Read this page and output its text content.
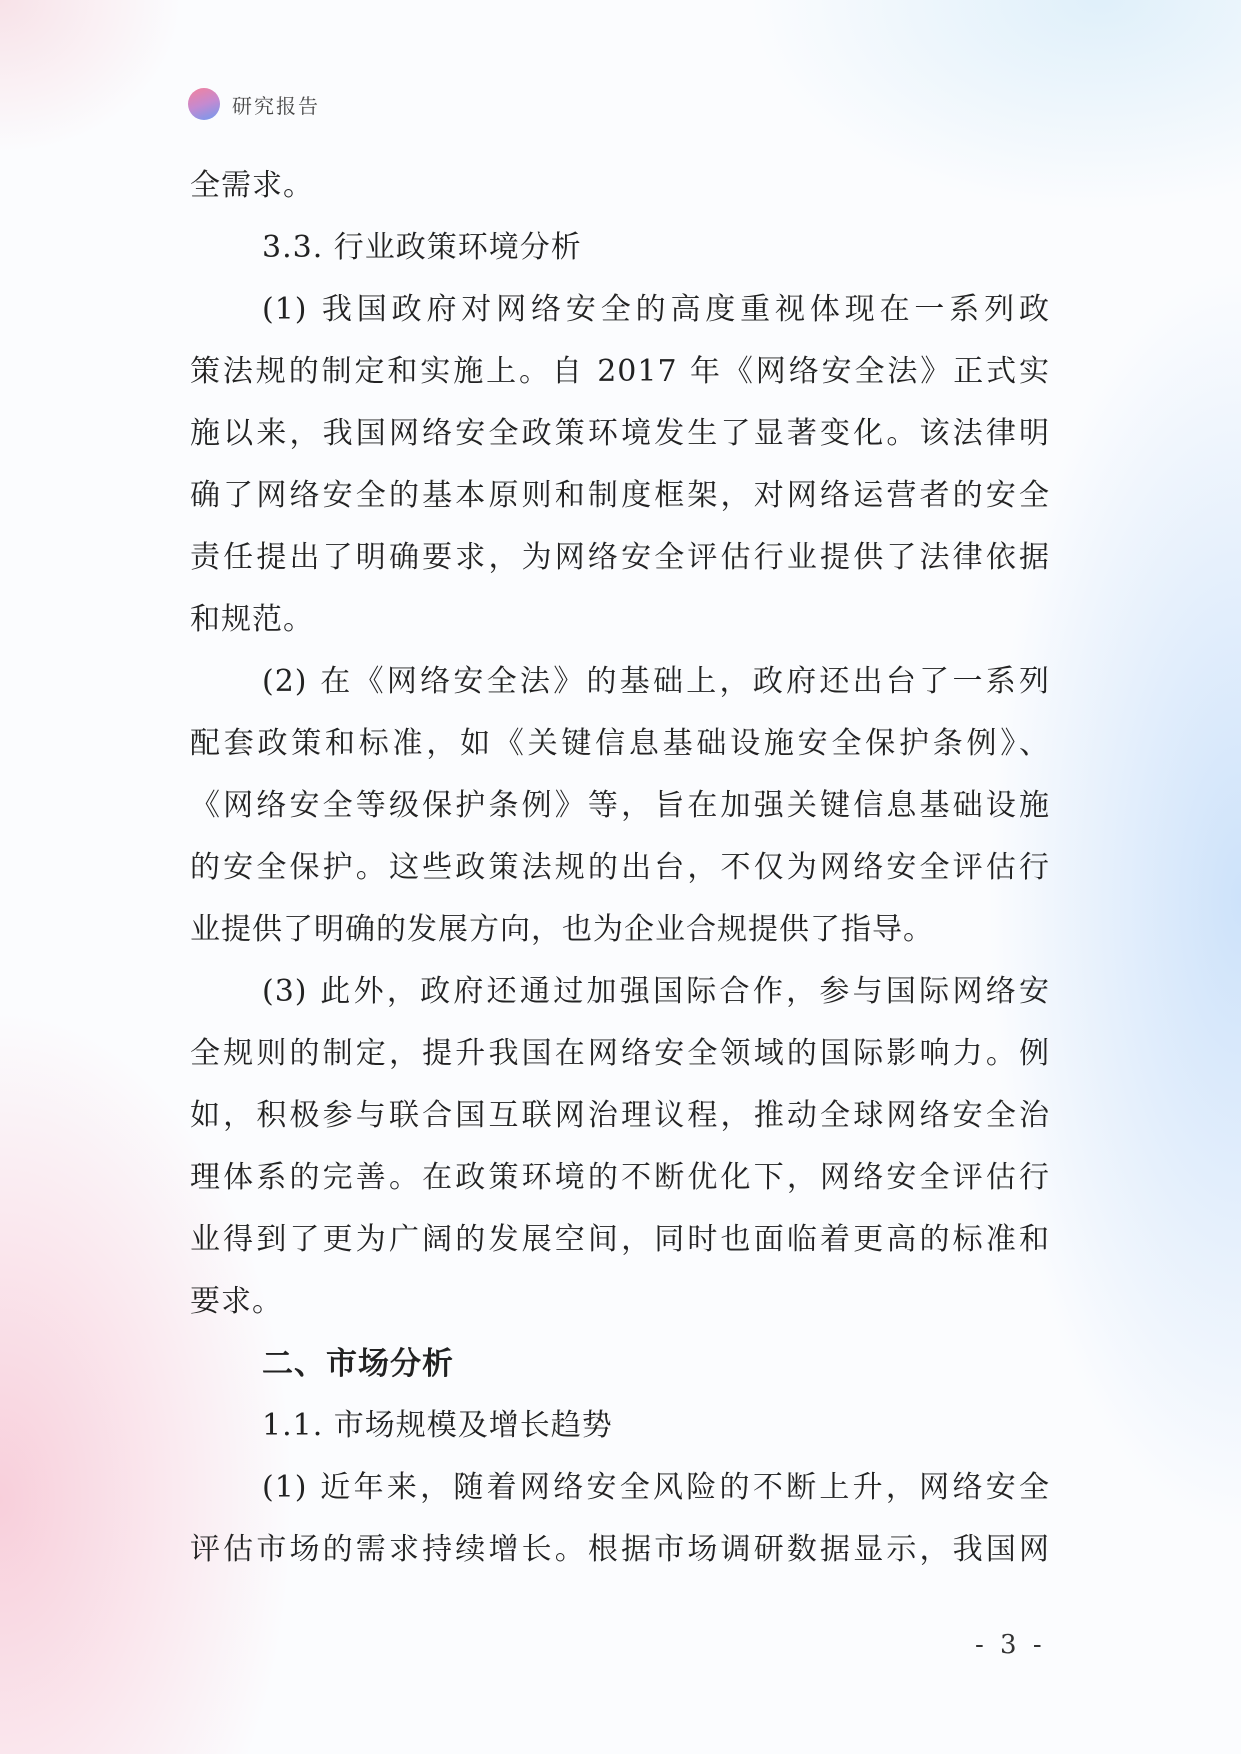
研究报告
全需求。
3.3. 行业政策环境分析
(1) 我国政府对网络安全的高度重视体现在一系列政
策法规的制定和实施上。自 2017 年《网络安全法》正式实
施以来，我国网络安全政策环境发生了显著变化。该法律明
确了网络安全的基本原则和制度框架，对网络运营者的安全
责任提出了明确要求，为网络安全评估行业提供了法律依据
和规范。
(2) 在《网络安全法》的基础上，政府还出台了一系列
配套政策和标准，如《关键信息基础设施安全保护条例》、
《网络安全等级保护条例》等，旨在加强关键信息基础设施
的安全保护。这些政策法规的出台，不仅为网络安全评估行
业提供了明确的发展方向，也为企业合规提供了指导。
(3) 此外，政府还通过加强国际合作，参与国际网络安
全规则的制定，提升我国在网络安全领域的国际影响力。例
如，积极参与联合国互联网治理议程，推动全球网络安全治
理体系的完善。在政策环境的不断优化下，网络安全评估行
业得到了更为广阔的发展空间，同时也面临着更高的标准和
要求。
二、市场分析
1.1. 市场规模及增长趋势
(1) 近年来，随着网络安全风险的不断上升，网络安全
评估市场的需求持续增长。根据市场调研数据显示，我国网
- 3 -
